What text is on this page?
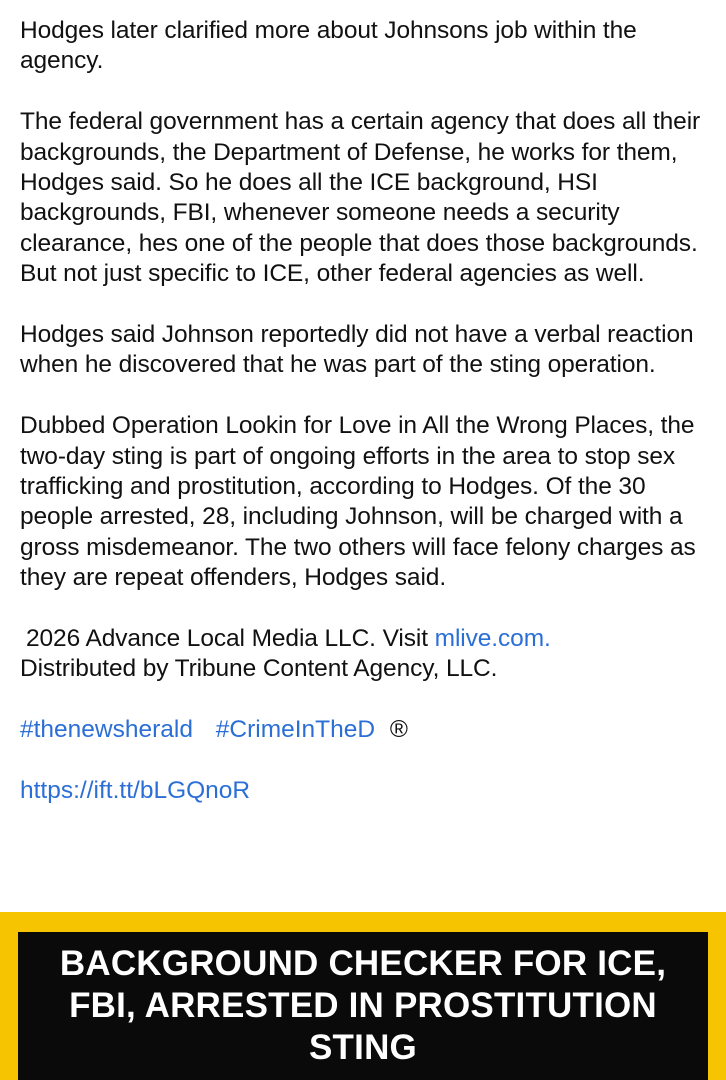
Hodges later clarified more about Johnsons job within the agency.

The federal government has a certain agency that does all their backgrounds, the Department of Defense, he works for them, Hodges said. So he does all the ICE background, HSI backgrounds, FBI, whenever someone needs a security clearance, hes one of the people that does those backgrounds. But not just specific to ICE, other federal agencies as well.

Hodges said Johnson reportedly did not have a verbal reaction when he discovered that he was part of the sting operation.

Dubbed Operation Lookin for Love in All the Wrong Places, the two-day sting is part of ongoing efforts in the area to stop sex trafficking and prostitution, according to Hodges. Of the 30 people arrested, 28, including Johnson, will be charged with a gross misdemeanor. The two others will face felony charges as they are repeat offenders, Hodges said.

2026 Advance Local Media LLC. Visit mlive.com.
Distributed by Tribune Content Agency, LLC.

#thenewsherald #CrimeInTheD ®
https://ift.tt/bLGQnoR
BACKGROUND CHECKER FOR ICE, FBI, ARRESTED IN PROSTITUTION STING
